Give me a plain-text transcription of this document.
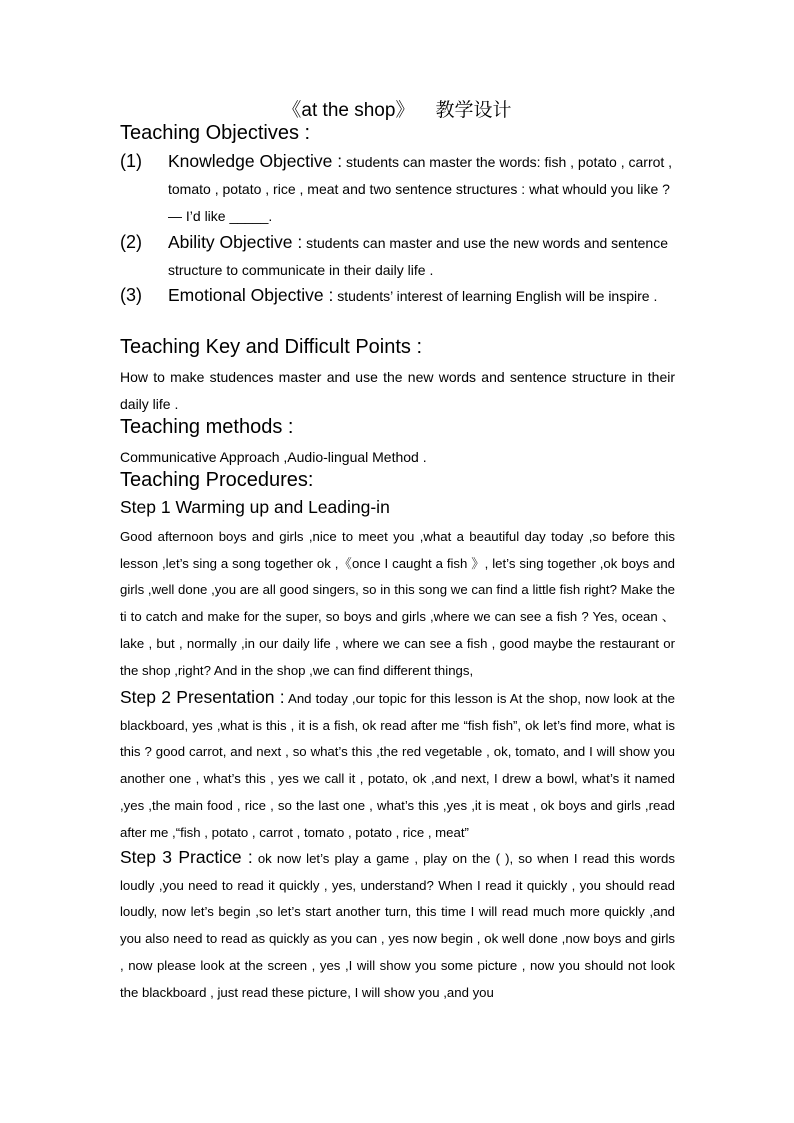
《at the shop》    教学设计
Teaching Objectives :
(1) Knowledge Objective : students can master the words: fish , potato , carrot , tomato , potato , rice , meat and two sentence structures : what whould you like ?— I’d like _____.
(2) Ability Objective : students can master and use the new words and sentence structure to communicate in their daily life .
(3) Emotional Objective : students’ interest of learning English will be inspire .
Teaching Key and Difficult Points :
How to make studences master and use the new words and sentence structure in their daily life .
Teaching methods :
Communicative Approach ,Audio-lingual Method .
Teaching Procedures:
Step 1 Warming up and Leading-in
Good afternoon boys and girls ,nice to meet you ,what a beautiful day today ,so before this lesson ,let’s sing a song together ok ,《once I caught a fish 》, let’s sing together ,ok boys and girls ,well done ,you are all good singers, so in this song we can find a little fish right? Make the ti to catch and make for the super, so boys and girls ,where we can see a fish ? Yes, ocean 、lake , but , normally ,in our daily life , where we can see a fish , good maybe the restaurant or the shop ,right? And in the shop ,we can find different things,
Step 2 Presentation : And today ,our topic for this lesson is At the shop, now look at the blackboard, yes ,what is this , it is a fish, ok read after me “fish fish”, ok let’s find more, what is this ? good carrot, and next , so what’s this ,the red vegetable , ok, tomato, and I will show you another one , what’s this , yes we call it , potato, ok ,and next, I drew a bowl, what’s it named ,yes ,the main food , rice , so the last one , what’s this ,yes ,it is meat , ok boys and girls ,read after me ,“fish , potato , carrot , tomato , potato , rice , meat”
Step 3 Practice : ok now let’s play a game , play on the ( ), so when I read this words loudly ,you need to read it quickly , yes, understand? When I read it quickly , you should read loudly, now let’s begin ,so let’s start another turn, this time I will read much more quickly ,and you also need to read as quickly as you can , yes now begin , ok well done ,now boys and girls , now please look at the screen , yes ,I will show you some picture , now you should not look the blackboard , just read these picture, I will show you ,and you
